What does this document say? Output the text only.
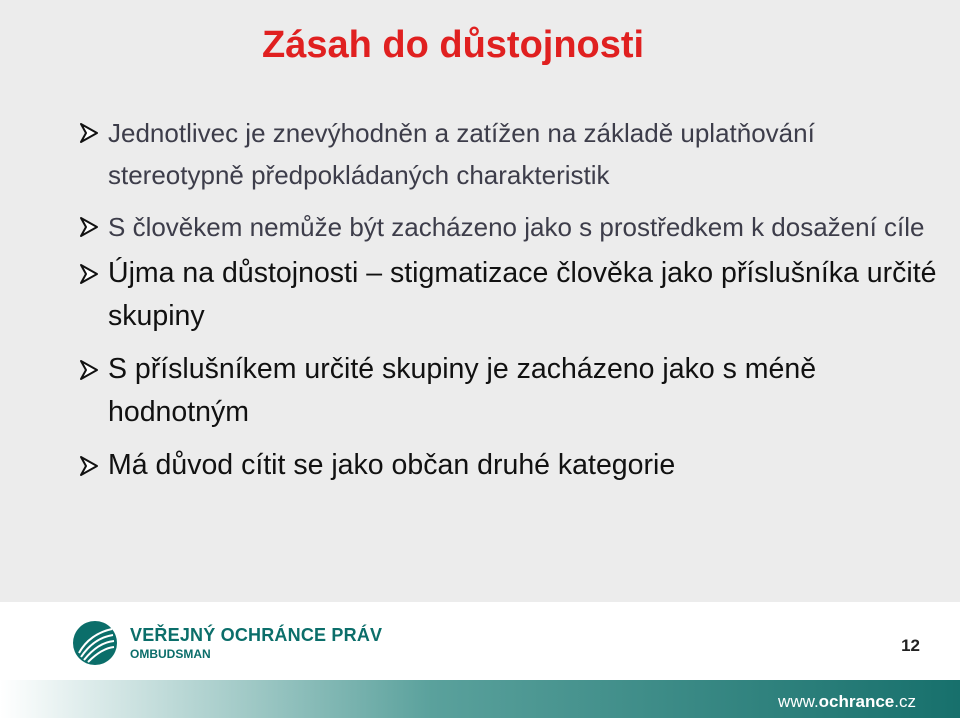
Zásah do důstojnosti
Jednotlivec je znevýhodněn a zatížen na základě uplatňování stereotypně předpokládaných charakteristik
S člověkem nemůže být zacházeno jako s prostředkem k dosažení cíle
Újma na důstojnosti – stigmatizace člověka jako příslušníka určité skupiny
S příslušníkem určité skupiny je zacházeno jako s méně hodnotným
Má důvod cítit se jako občan druhé kategorie
VEŘEJNÝ OCHRÁNCE PRÁV
OMBUDSMAN	12
www.ochrance.cz
